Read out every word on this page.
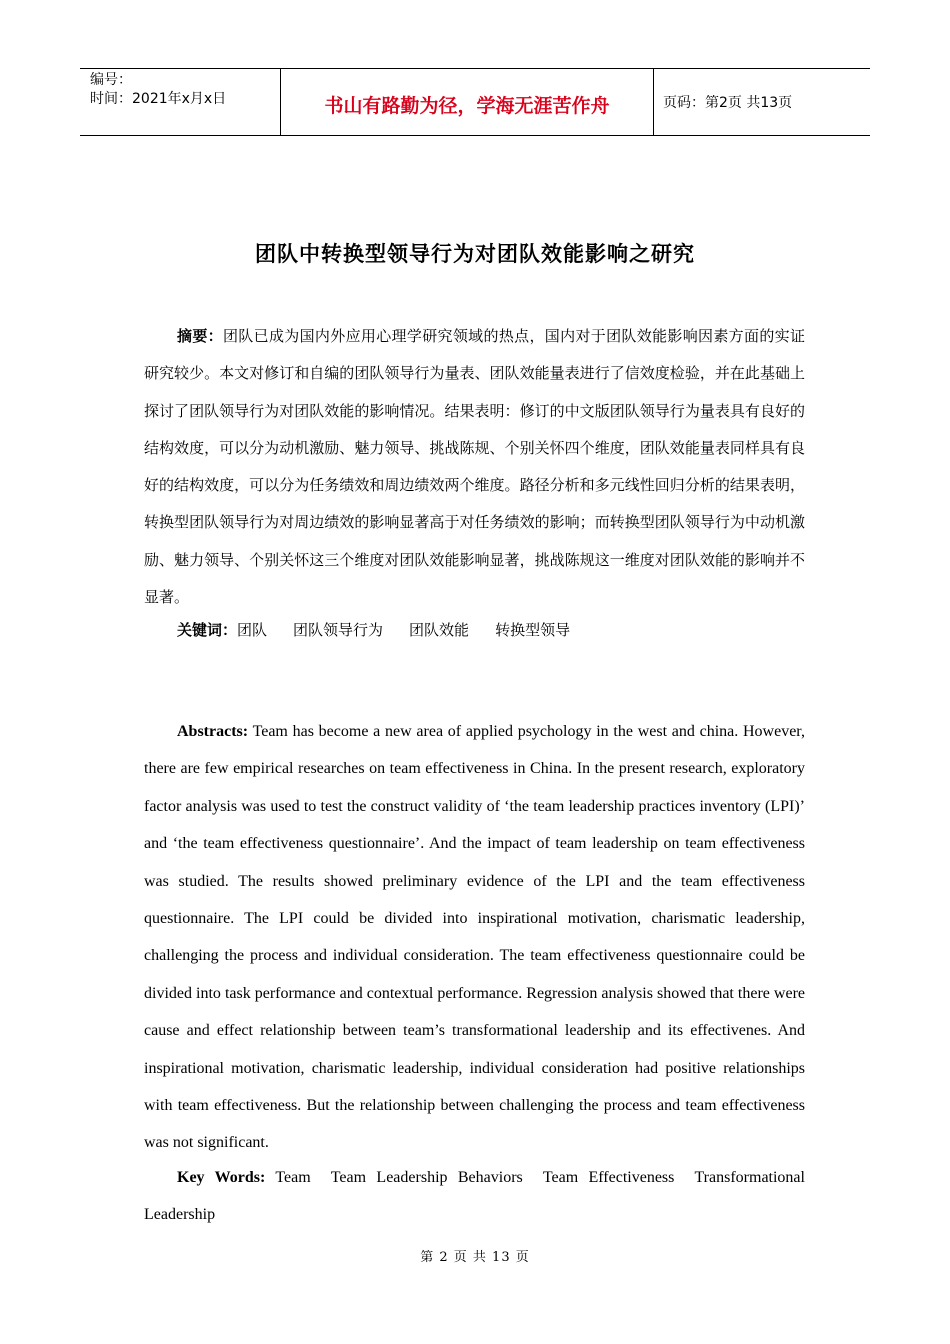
编号：
时间：2021年x月x日	书山有路勤为径，学海无涯苦作舟	页码：第2页 共13页
团队中转换型领导行为对团队效能影响之研究
摘要：团队已成为国内外应用心理学研究领域的热点，国内对于团队效能影响因素方面的实证研究较少。本文对修订和自编的团队领导行为量表、团队效能量表进行了信效度检验，并在此基础上探讨了团队领导行为对团队效能的影响情况。结果表明：修订的中文版团队领导行为量表具有良好的结构效度，可以分为动机激励、魅力领导、挑战陈规、个别关怀四个维度，团队效能量表同样具有良好的结构效度，可以分为任务绩效和周边绩效两个维度。路径分析和多元线性回归分析的结果表明，转换型团队领导行为对周边绩效的影响显著高于对任务绩效的影响；而转换型团队领导行为中动机激励、魅力领导、个别关怀这三个维度对团队效能影响显著，挑战陈规这一维度对团队效能的影响并不显著。
关键词：团队 团队领导行为 团队效能 转换型领导
Abstracts: Team has become a new area of applied psychology in the west and china. However, there are few empirical researches on team effectiveness in China. In the present research, exploratory factor analysis was used to test the construct validity of ‘the team leadership practices inventory (LPI)’ and ‘the team effectiveness questionnaire’. And the impact of team leadership on team effectiveness was studied. The results showed preliminary evidence of the LPI and the team effectiveness questionnaire. The LPI could be divided into inspirational motivation, charismatic leadership, challenging the process and individual consideration. The team effectiveness questionnaire could be divided into task performance and contextual performance. Regression analysis showed that there were cause and effect relationship between team’s transformational leadership and its effectivenes. And inspirational motivation, charismatic leadership, individual consideration had positive relationships with team effectiveness. But the relationship between challenging the process and team effectiveness was not significant.
Key Words: Team Team Leadership Behaviors Team Effectiveness Transformational Leadership
第 2 页 共 13 页
